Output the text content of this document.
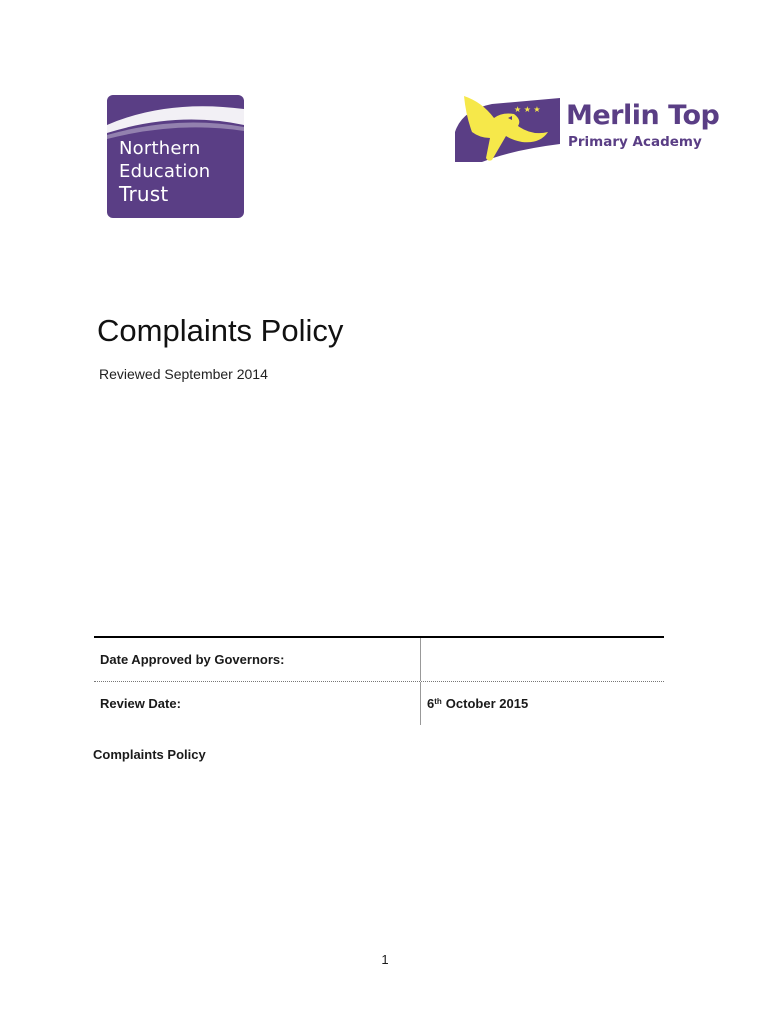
Northern
Education
Trust
★ ★ ★ Merlin Top
Primary Academy
Complaints Policy
Reviewed September 2014
Date Approved by Governors:
Review Date:	6th October 2015
Complaints Policy
1
